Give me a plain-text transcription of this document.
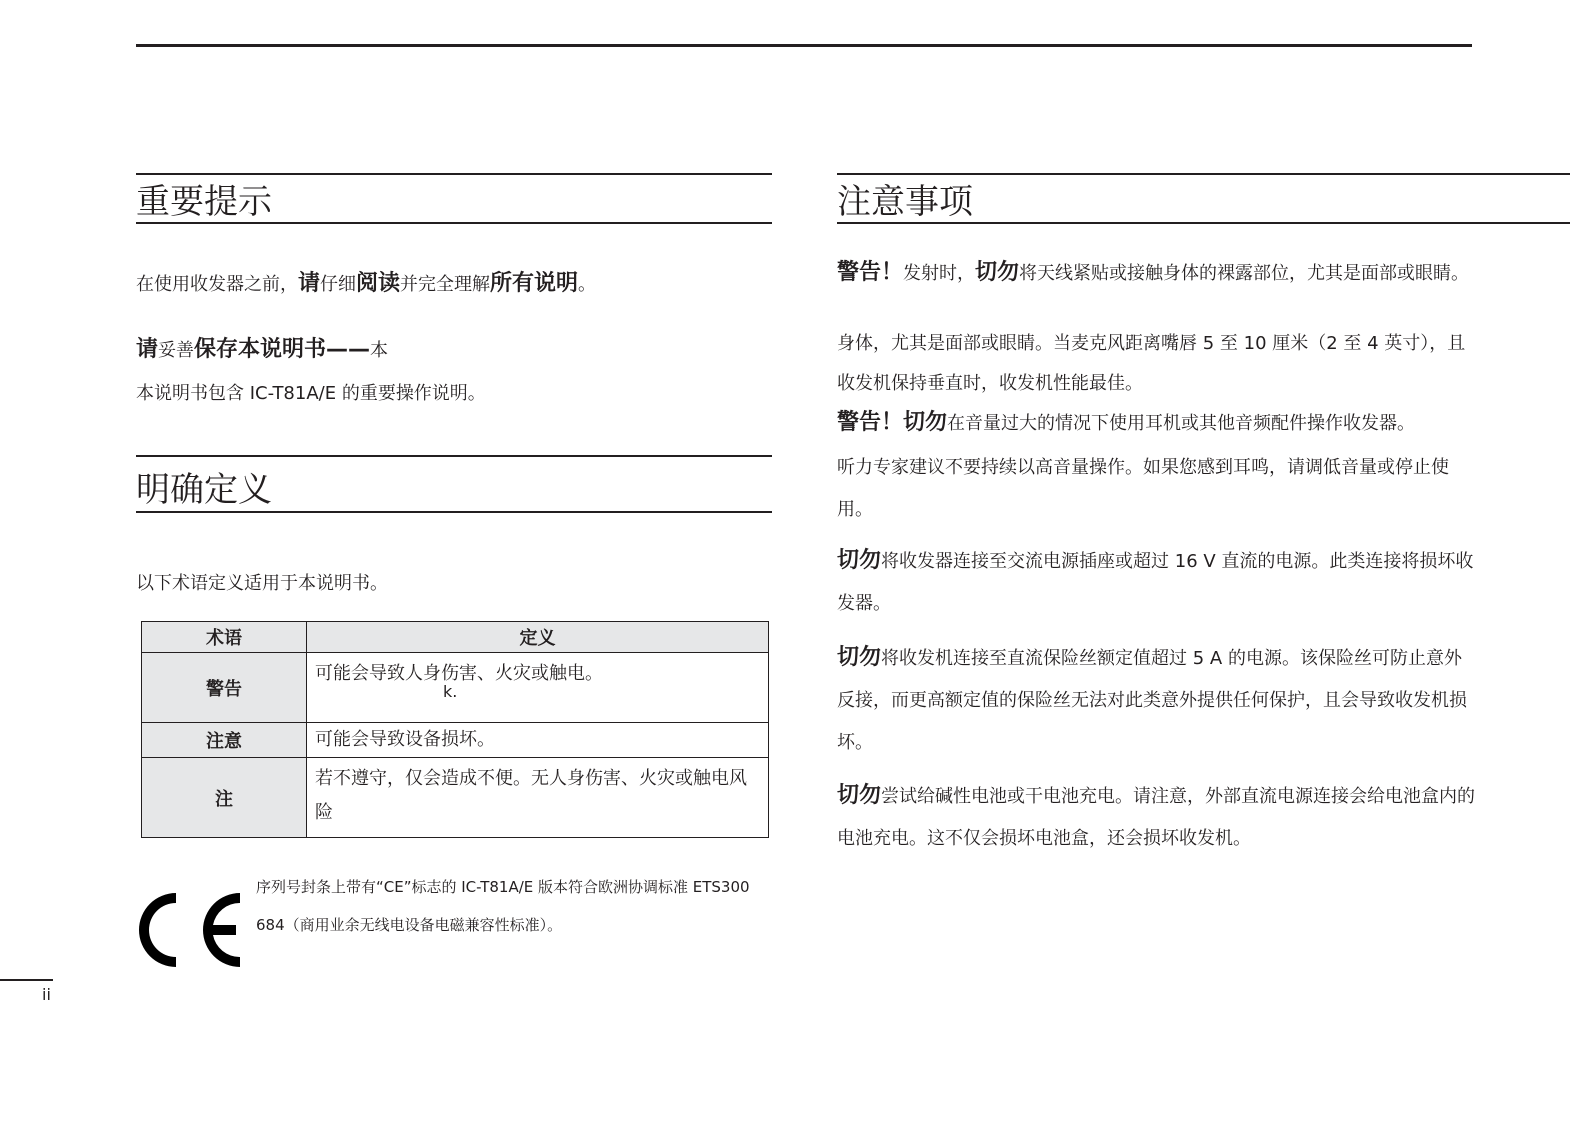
重要提示
在使用收发器之前，请仔细阅读并完全理解所有说明。
请妥善保存本说明书——本
本说明书包含 IC-T81A/E 的重要操作说明。
明确定义
以下术语定义适用于本说明书。
术语	定义
警告	可能会导致人身伤害、火灾或触电。
注意	可能会导致设备损坏。
注	若不遵守，仅会造成不便。无人身伤害、火灾或触电风险
k.
序列号封条上带有“CE”标志的 IC-T81A/E 版本符合欧洲协调标准 ETS300
684（商用业余无线电设备电磁兼容性标准）。
ii
注意事项
警告！发射时，切勿将天线紧贴或接触身体的裸露部位，尤其是面部或眼睛。
身体，尤其是面部或眼睛。当麦克风距离嘴唇 5 至 10 厘米（2 至 4 英寸），且收发机保持垂直时，收发机性能最佳。
警告！切勿在音量过大的情况下使用耳机或其他音频配件操作收发器。
听力专家建议不要持续以高音量操作。如果您感到耳鸣，请调低音量或停止使用。
切勿将收发器连接至交流电源插座或超过 16 V 直流的电源。此类连接将损坏收发器。
切勿将收发机连接至直流保险丝额定值超过 5 A 的电源。该保险丝可防止意外反接，而更高额定值的保险丝无法对此类意外提供任何保护，且会导致收发机损坏。
切勿尝试给碱性电池或干电池充电。请注意，外部直流电源连接会给电池盒内的电池充电。这不仅会损坏电池盒，还会损坏收发机。
